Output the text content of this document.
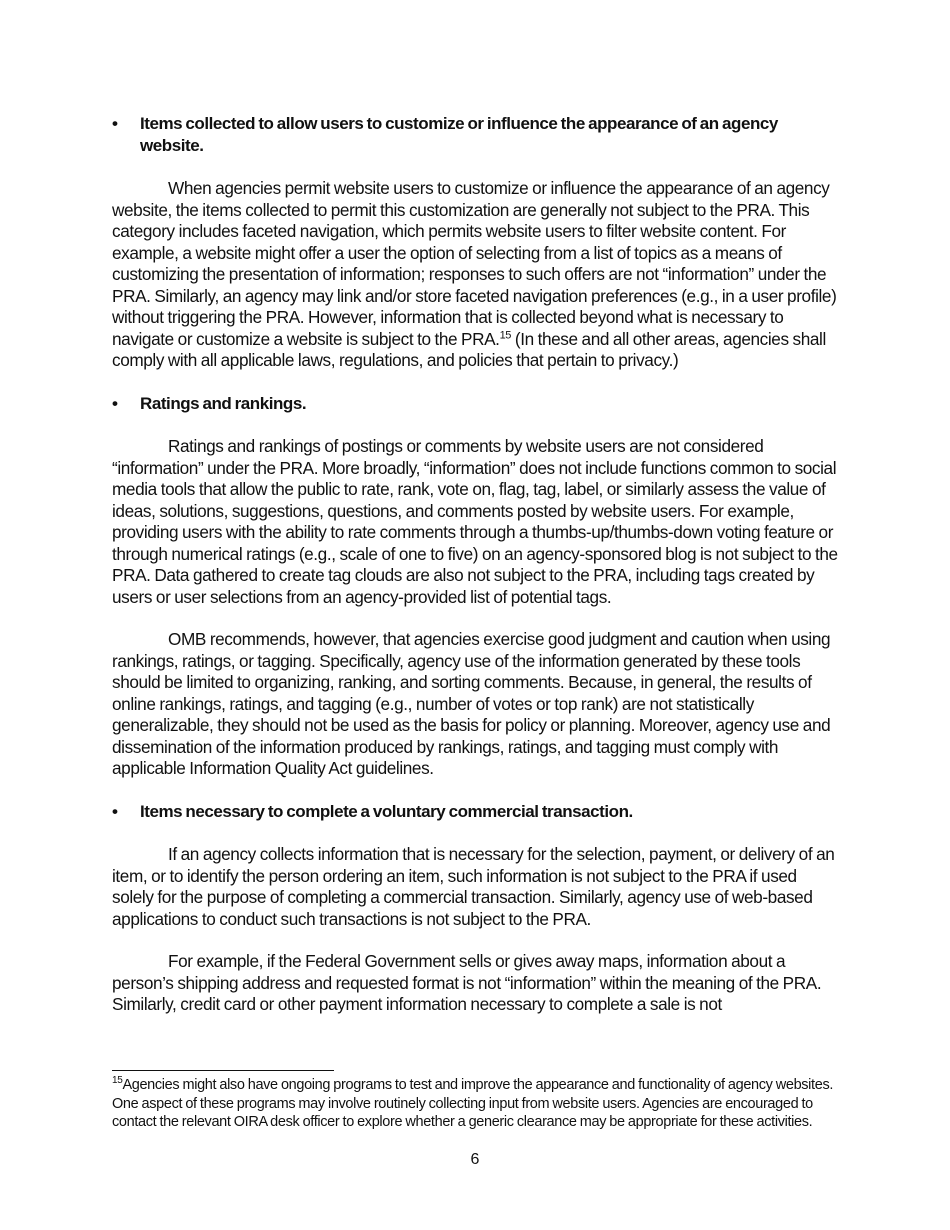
• Items collected to allow users to customize or influence the appearance of an agency website.

When agencies permit website users to customize or influence the appearance of an agency website, the items collected to permit this customization are generally not subject to the PRA. This category includes faceted navigation, which permits website users to filter website content. For example, a website might offer a user the option of selecting from a list of topics as a means of customizing the presentation of information; responses to such offers are not “information” under the PRA. Similarly, an agency may link and/or store faceted navigation preferences (e.g., in a user profile) without triggering the PRA. However, information that is collected beyond what is necessary to navigate or customize a website is subject to the PRA.$^{15}$ (In these and all other areas, agencies shall comply with all applicable laws, regulations, and policies that pertain to privacy.)

• Ratings and rankings.

Ratings and rankings of postings or comments by website users are not considered “information” under the PRA. More broadly, “information” does not include functions common to social media tools that allow the public to rate, rank, vote on, flag, tag, label, or similarly assess the value of ideas, solutions, suggestions, questions, and comments posted by website users. For example, providing users with the ability to rate comments through a thumbs-up/thumbs-down voting feature or through numerical ratings (e.g., scale of one to five) on an agency-sponsored blog is not subject to the PRA. Data gathered to create tag clouds are also not subject to the PRA, including tags created by users or user selections from an agency-provided list of potential tags.

OMB recommends, however, that agencies exercise good judgment and caution when using rankings, ratings, or tagging. Specifically, agency use of the information generated by these tools should be limited to organizing, ranking, and sorting comments. Because, in general, the results of online rankings, ratings, and tagging (e.g., number of votes or top rank) are not statistically generalizable, they should not be used as the basis for policy or planning. Moreover, agency use and dissemination of the information produced by rankings, ratings, and tagging must comply with applicable Information Quality Act guidelines.

• Items necessary to complete a voluntary commercial transaction.

If an agency collects information that is necessary for the selection, payment, or delivery of an item, or to identify the person ordering an item, such information is not subject to the PRA if used solely for the purpose of completing a commercial transaction. Similarly, agency use of web-based applications to conduct such transactions is not subject to the PRA.

For example, if the Federal Government sells or gives away maps, information about a person’s shipping address and requested format is not “information” within the meaning of the PRA. Similarly, credit card or other payment information necessary to complete a sale is not

$^{15}$Agencies might also have ongoing programs to test and improve the appearance and functionality of agency websites. One aspect of these programs may involve routinely collecting input from website users. Agencies are encouraged to contact the relevant OIRA desk officer to explore whether a generic clearance may be appropriate for these activities.
6
